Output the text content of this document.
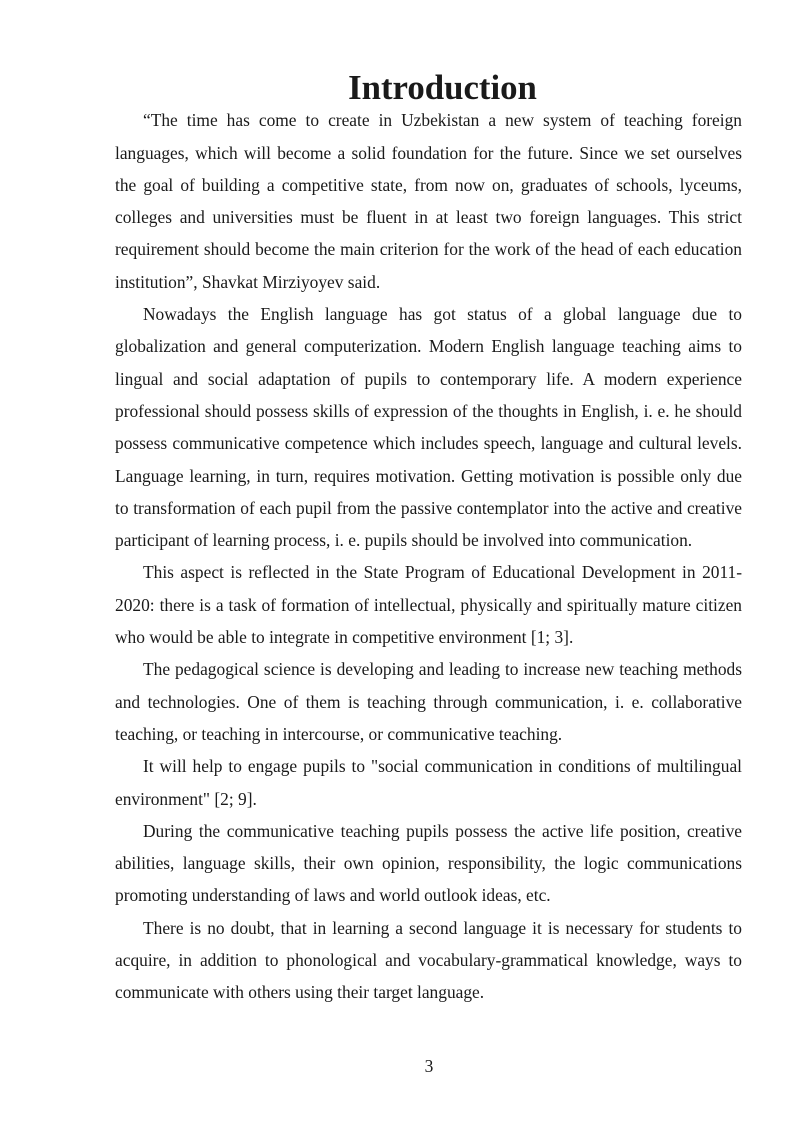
Introduction

“The time has come to create in Uzbekistan a new system of teaching foreign languages, which will become a solid foundation for the future. Since we set ourselves the goal of building a competitive state, from now on, graduates of schools, lyceums, colleges and universities must be fluent in at least two foreign languages. This strict requirement should become the main criterion for the work of the head of each education institution”, Shavkat Mirziyoyev said.

Nowadays the English language has got status of a global language due to globalization and general computerization. Modern English language teaching aims to lingual and social adaptation of pupils to contemporary life. A modern experience professional should possess skills of expression of the thoughts in English, i. e. he should possess communicative competence which includes speech, language and cultural levels. Language learning, in turn, requires motivation. Getting motivation is possible only due to transformation of each pupil from the passive contemplator into the active and creative participant of learning process, i. e. pupils should be involved into communication.

This aspect is reflected in the State Program of Educational Development in 2011-2020: there is a task of formation of intellectual, physically and spiritually mature citizen who would be able to integrate in competitive environment [1; 3].

The pedagogical science is developing and leading to increase new teaching methods and technologies. One of them is teaching through communication, i. e. collaborative teaching, or teaching in intercourse, or communicative teaching.

It will help to engage pupils to "social communication in conditions of multilingual environment" [2; 9].

During the communicative teaching pupils possess the active life position, creative abilities, language skills, their own opinion, responsibility, the logic communications promoting understanding of laws and world outlook ideas, etc.

There is no doubt, that in learning a second language it is necessary for students to acquire, in addition to phonological and vocabulary-grammatical knowledge, ways to communicate with others using their target language.

3
